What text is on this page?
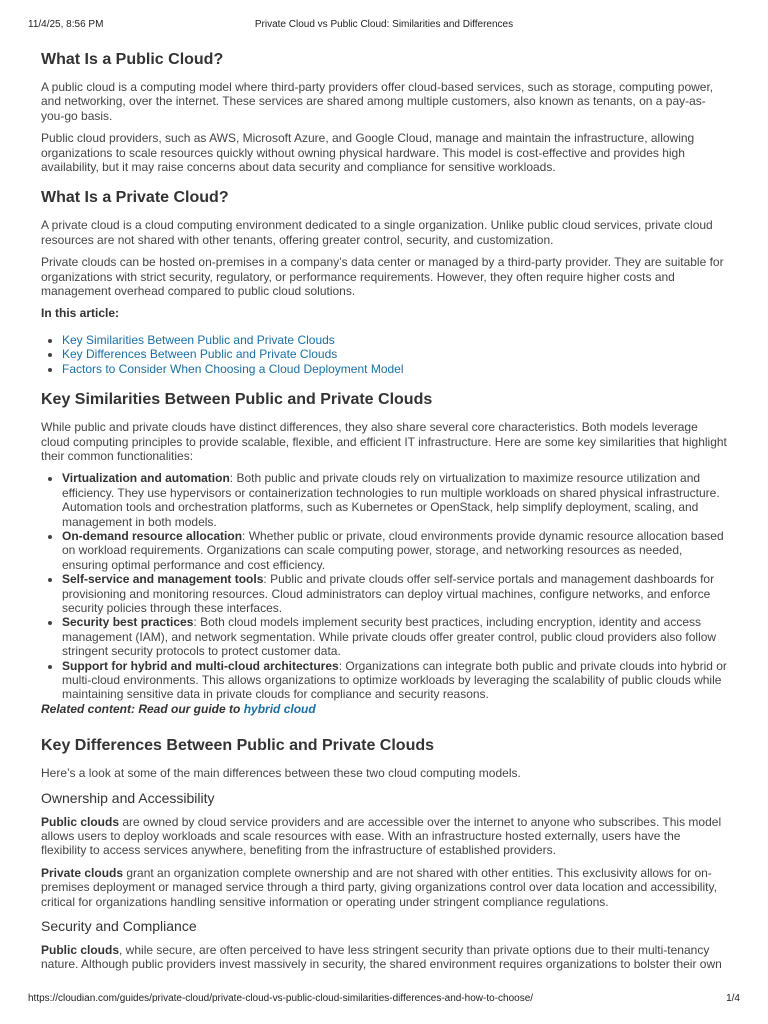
11/4/25, 8:56 PM	Private Cloud vs Public Cloud: Similarities and Differences
What Is a Public Cloud?

A public cloud is a computing model where third-party providers offer cloud-based services, such as storage, computing power, and networking, over the internet. These services are shared among multiple customers, also known as tenants, on a pay-as-you-go basis.

Public cloud providers, such as AWS, Microsoft Azure, and Google Cloud, manage and maintain the infrastructure, allowing organizations to scale resources quickly without owning physical hardware. This model is cost-effective and provides high availability, but it may raise concerns about data security and compliance for sensitive workloads.

What Is a Private Cloud?

A private cloud is a cloud computing environment dedicated to a single organization. Unlike public cloud services, private cloud resources are not shared with other tenants, offering greater control, security, and customization.

Private clouds can be hosted on-premises in a company’s data center or managed by a third-party provider. They are suitable for organizations with strict security, regulatory, or performance requirements. However, they often require higher costs and management overhead compared to public cloud solutions.

In this article:

• Key Similarities Between Public and Private Clouds
• Key Differences Between Public and Private Clouds
• Factors to Consider When Choosing a Cloud Deployment Model
Key Similarities Between Public and Private Clouds

While public and private clouds have distinct differences, they also share several core characteristics. Both models leverage cloud computing principles to provide scalable, flexible, and efficient IT infrastructure. Here are some key similarities that highlight their common functionalities:

• Virtualization and automation: Both public and private clouds rely on virtualization to maximize resource utilization and efficiency. They use hypervisors or containerization technologies to run multiple workloads on shared physical infrastructure. Automation tools and orchestration platforms, such as Kubernetes or OpenStack, help simplify deployment, scaling, and management in both models.
• On-demand resource allocation: Whether public or private, cloud environments provide dynamic resource allocation based on workload requirements. Organizations can scale computing power, storage, and networking resources as needed, ensuring optimal performance and cost efficiency.
• Self-service and management tools: Public and private clouds offer self-service portals and management dashboards for provisioning and monitoring resources. Cloud administrators can deploy virtual machines, configure networks, and enforce security policies through these interfaces.
• Security best practices: Both cloud models implement security best practices, including encryption, identity and access management (IAM), and network segmentation. While private clouds offer greater control, public cloud providers also follow stringent security protocols to protect customer data.
• Support for hybrid and multi-cloud architectures: Organizations can integrate both public and private clouds into hybrid or multi-cloud environments. This allows organizations to optimize workloads by leveraging the scalability of public clouds while maintaining sensitive data in private clouds for compliance and security reasons.

Related content: Read our guide to hybrid cloud

Key Differences Between Public and Private Clouds

Here’s a look at some of the main differences between these two cloud computing models.

Ownership and Accessibility

Public clouds are owned by cloud service providers and are accessible over the internet to anyone who subscribes. This model allows users to deploy workloads and scale resources with ease. With an infrastructure hosted externally, users have the flexibility to access services anywhere, benefiting from the infrastructure of established providers.

Private clouds grant an organization complete ownership and are not shared with other entities. This exclusivity allows for on-premises deployment or managed service through a third party, giving organizations control over data location and accessibility, critical for organizations handling sensitive information or operating under stringent compliance regulations.

Security and Compliance

Public clouds, while secure, are often perceived to have less stringent security than private options due to their multi-tenancy nature. Although public providers invest massively in security, the shared environment requires organizations to bolster their own

https://cloudian.com/guides/private-cloud/private-cloud-vs-public-cloud-similarities-differences-and-how-to-choose/	1/4
